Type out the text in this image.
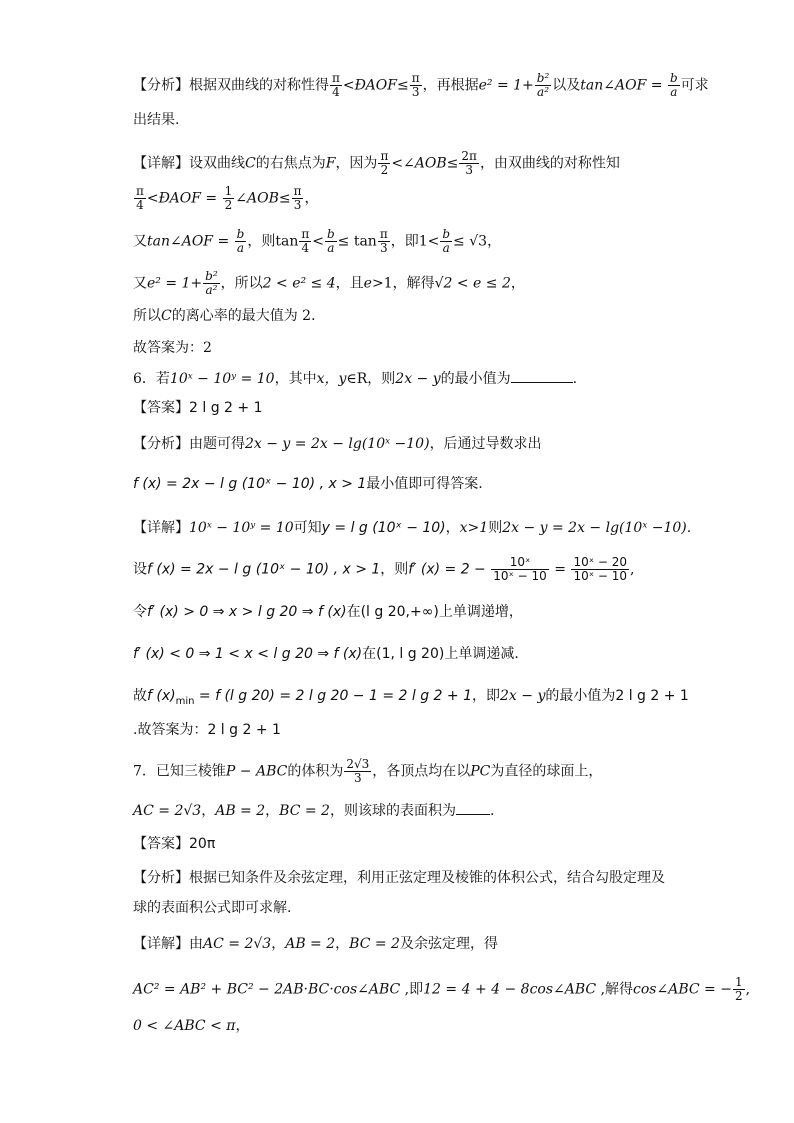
【分析】根据双曲线的对称性得 $\frac{\pi}{4}$ <ÐAOF≤ $\frac{\pi}{3}$ ，再根据$e^2 = 1+ \frac{\text{b²}}{\text{a²}}$ 以及tan∠AOF = $\frac{b}{a}$ 可求
出结果.
【详解】设双曲线C的右焦点为F，因为 $\frac{\pi}{2}$ <∠AOB≤ $\frac{2\pi}{3}$ ，由双曲线的对称性知
$\frac{\pi}{4}$ <ÐAOF = $\frac{1}{2}$ ∠AOB≤ $\frac{\pi}{3}$ ，
又tan∠AOF = $\frac{b}{a}$ ，则$\tan \frac{\pi}{4} < \frac{b}{a} \le \tan \frac{\pi}{3}$ ，即$1< \frac{b}{a} \le √3$，
又$e^2 = 1+ \frac{\text{b²}}{\text{a²}}$ ，所以2 < e² ≤ 4，且e>1，解得√2 < e ≤ 2，
所以C的离心率的最大值为 2．
故答案为：2
6．若10ˣ − 10ʸ = 10，其中x，y∈R，则2x − y的最小值为	.
【答案】2 l g 2 + 1
【分析】由题可得2x − y = 2x − lg(10ˣ −10)，后通过导数求出
f (x) = 2x − l g (10ˣ − 10) , x > 1最小值即可得答案.
【详解】10ˣ − 10ʸ = 10可知y = l g (10ˣ − 10)，x>1则2x − y = 2x − lg(10ˣ −10).
设f (x) = 2x − l g (10ˣ − 10) , x > 1，则f′ $(x) = 2 - \frac{\text{10ˣ}}{\text{10ˣ − 10}} = \frac{\text{10ˣ − 20}}{\text{10ˣ − 10}}$ ,
令f′ (x) > 0 ⇒ x > l g 20 ⇒ f (x)在(l g 20,+∞)上单调递增，
f′ (x) < 0 ⇒ 1 < x < l g 20 ⇒ f (x)在(1, l g 20)上单调递减.
故f $(x)_{min} = f$ (l g 20) = 2 l g 20 − 1 = 2 l g 2 + 1，即2x − y的最小值为2 l g 2 + 1
.故答案为：2 l g 2 + 1
7．已知三棱锥P − ABC的体积为 $\frac{2√3}{3}$ ，各顶点均在以PC为直径的球面上，
AC = 2√3，AB = 2，BC = 2，则该球的表面积为 .
【答案】20π
【分析】根据已知条件及余弦定理，利用正弦定理及棱锥的体积公式，结合勾股定理及
球的表面积公式即可求解.
【详解】由AC = 2√3，AB = 2，BC = 2及余弦定理，得
AC² = AB² + BC² − 2AB·BC·cos∠ABC ,即12 = 4 + 4 − 8cos∠ABC ,解得cos∠ABC = − $\frac{1}{2}$ ,
0 < ∠ABC < π，
